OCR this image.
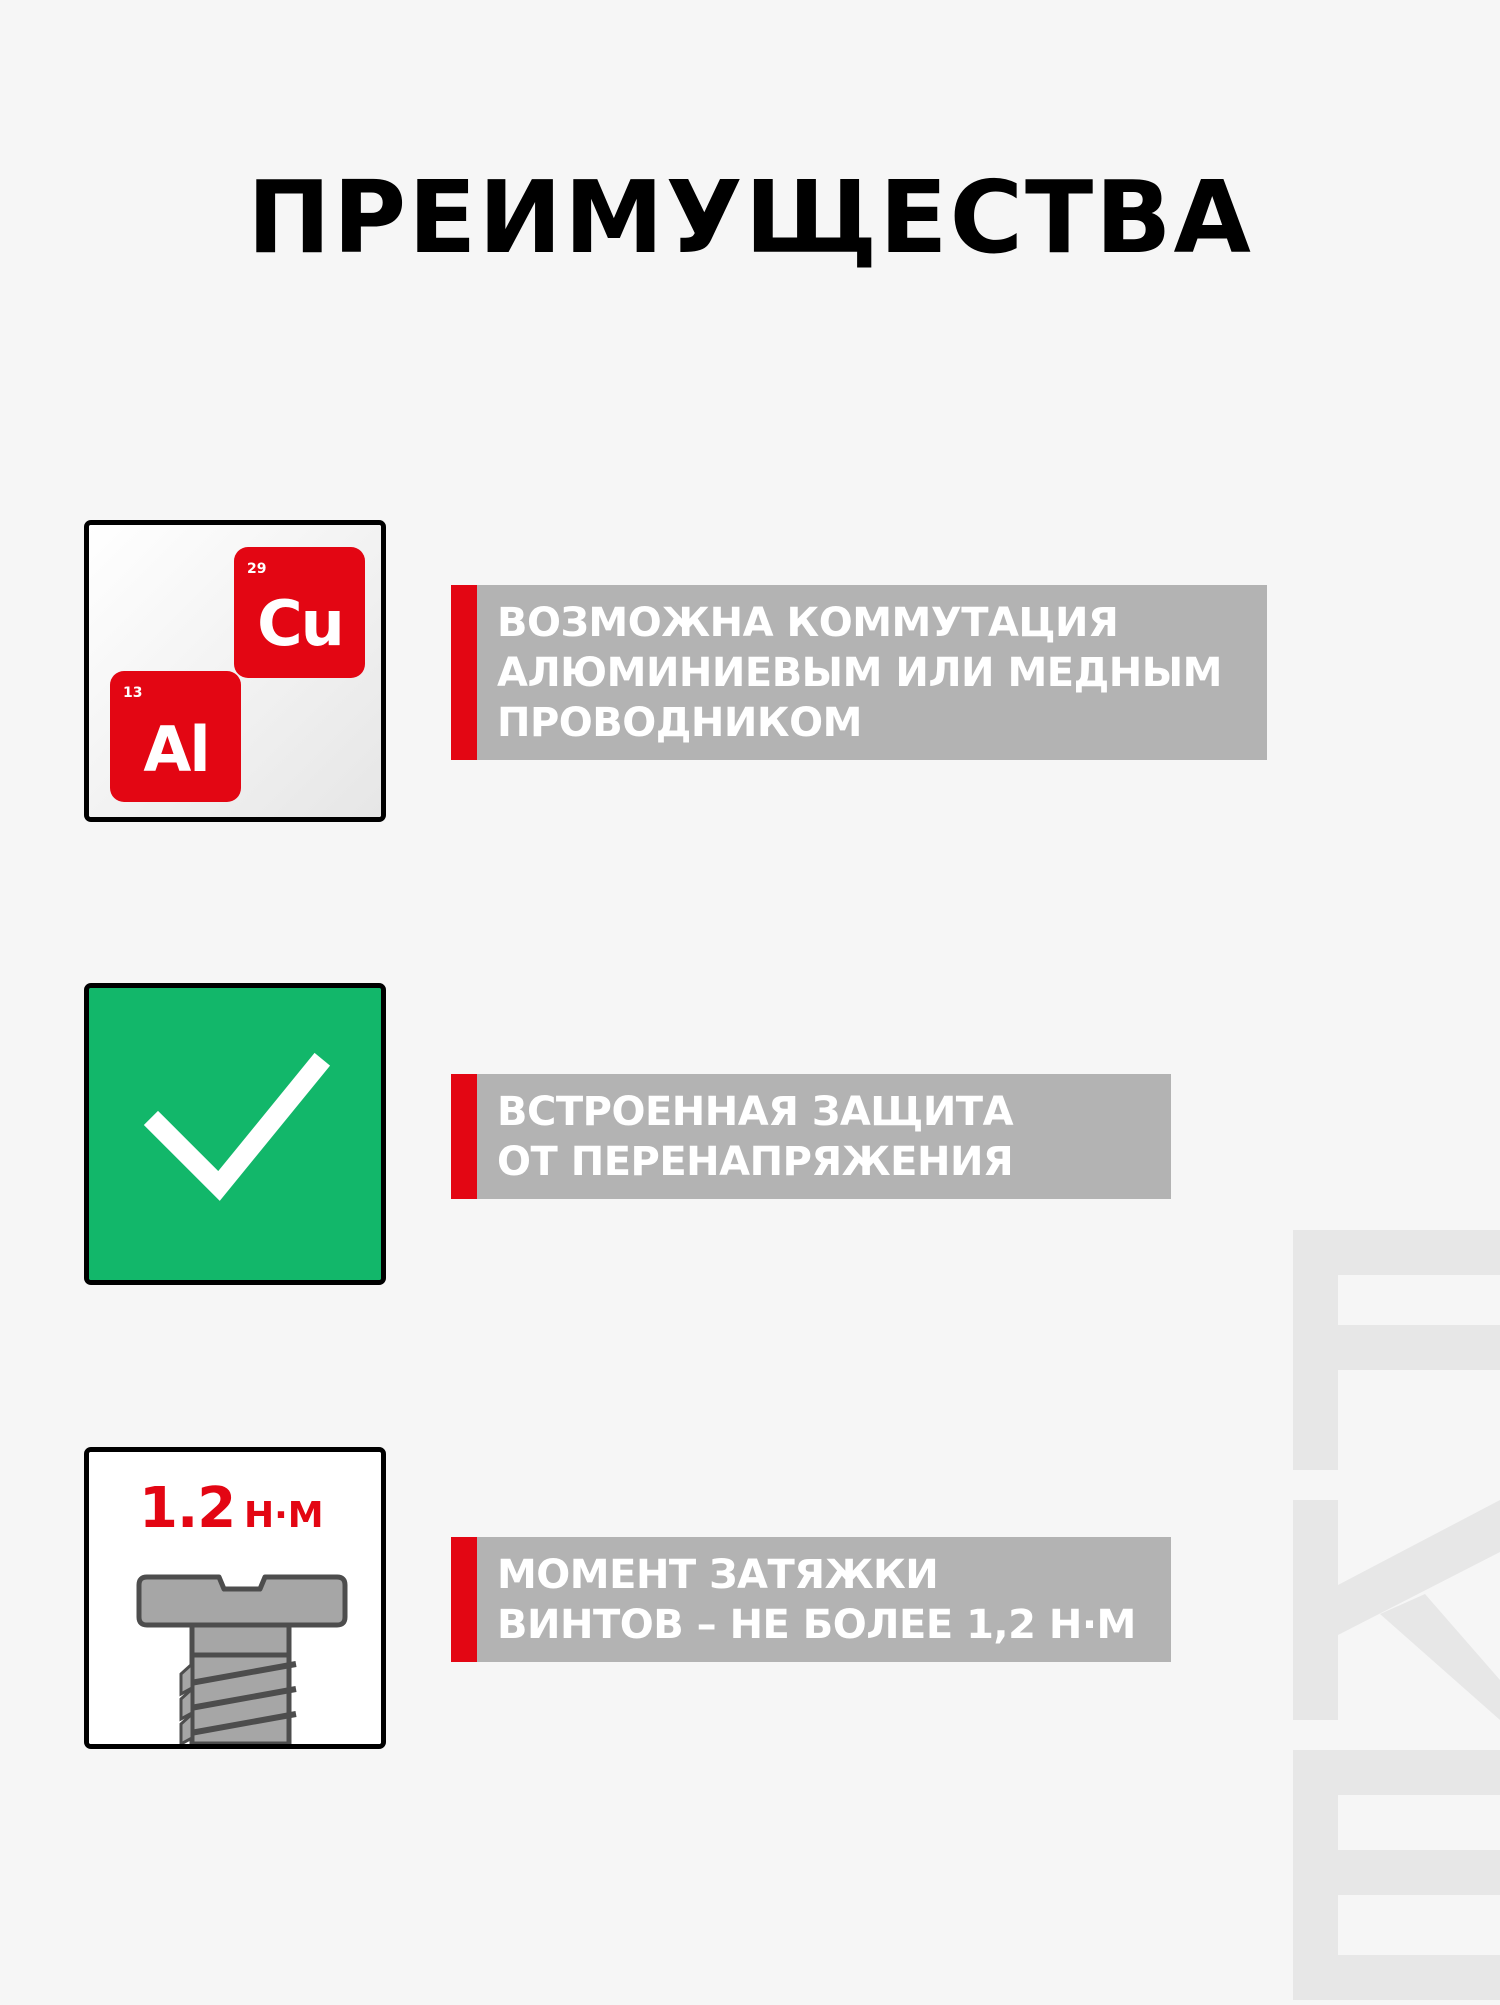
ПРЕИМУЩЕСТВА
29
Cu
13
Al
ВОЗМОЖНА КОММУТАЦИЯ
АЛЮМИНИЕВЫМ ИЛИ МЕДНЫМ
ПРОВОДНИКОМ
ВСТРОЕННАЯ ЗАЩИТА
ОТ ПЕРЕНАПРЯЖЕНИЯ
1.2 Н·М
МОМЕНТ ЗАТЯЖКИ
ВИНТОВ – НЕ БОЛЕЕ 1,2 Н·М
